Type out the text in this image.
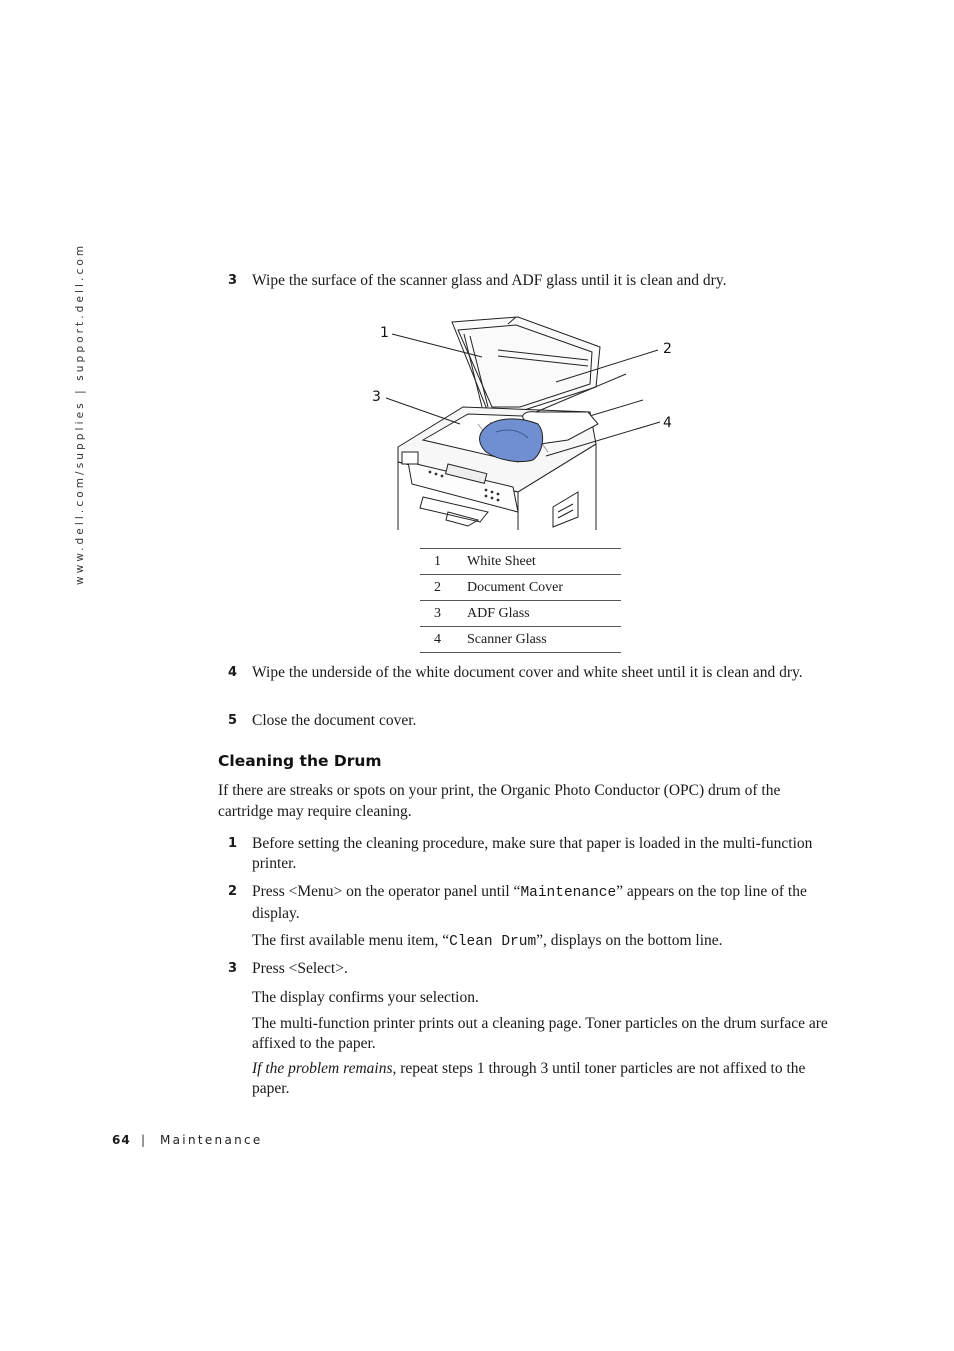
www.dell.com/supplies | support.dell.com	3 Wipe the surface of the scanner glass and ADF glass until it is clean and dry.
1
2
3
4
1	White Sheet
2	Document Cover
3	ADF Glass
4	Scanner Glass
4 Wipe the underside of the white document cover and white sheet until it is clean and dry.
5 Close the document cover.
Cleaning the Drum
If there are streaks or spots on your print, the Organic Photo Conductor (OPC) drum of the cartridge may require cleaning.
1 Before setting the cleaning procedure, make sure that paper is loaded in the multi-function printer.
2 Press <Menu> on the operator panel until “Maintenance” appears on the top line of the display.
The first available menu item, “Clean Drum”, displays on the bottom line.
3 Press <Select>.
The display confirms your selection.
The multi-function printer prints out a cleaning page. Toner particles on the drum surface are affixed to the paper.
If the problem remains, repeat steps 1 through 3 until toner particles are not affixed to the paper.
64 | Maintenance
